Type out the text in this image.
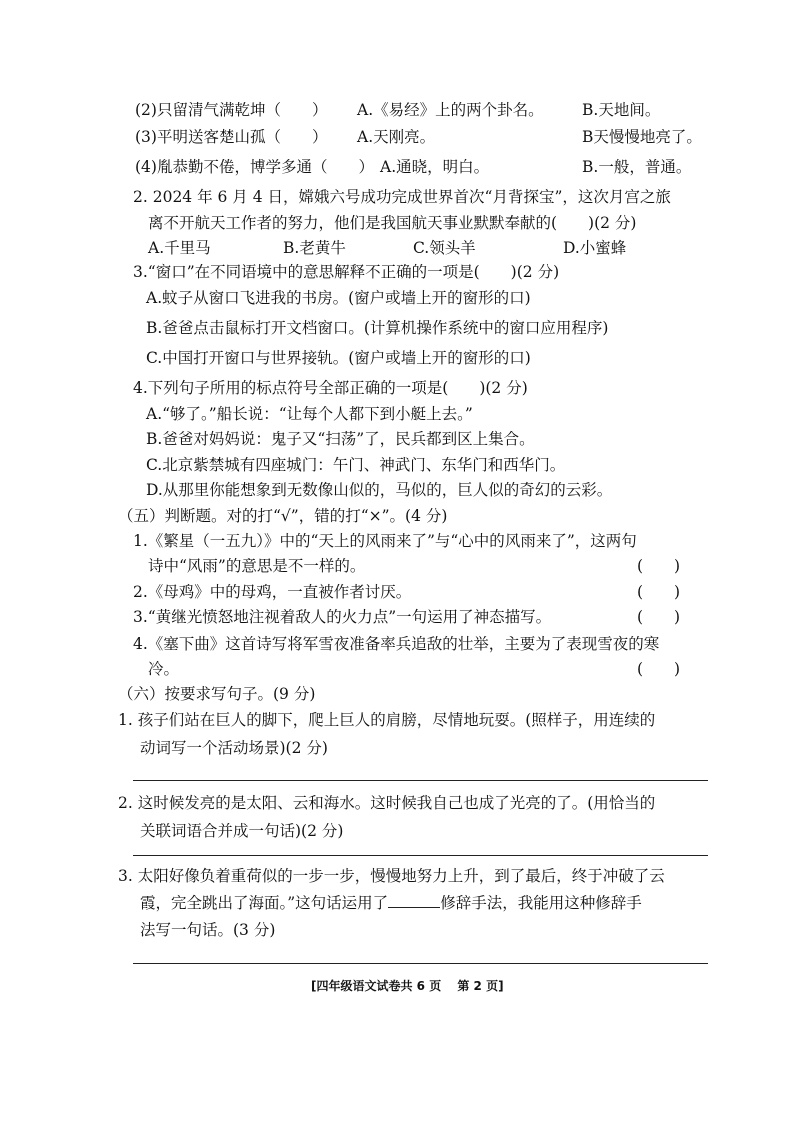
(2)只留清气满乾坤（　　） A.《易经》上的两个卦名。 B.天地间。
(3)平明送客楚山孤（　　） A.天刚亮。	B天慢慢地亮了。
(4)胤恭勤不倦，博学多通（　　） A.通晓，明白。	B.一般，普通。
2. 2024 年 6 月 4 日，嫦娥六号成功完成世界首次“月背探宝”，这次月宫之旅
离不开航天工作者的努力，他们是我国航天事业默默奉献的(　　)(2 分)
A.千里马	B.老黄牛	C.领头羊	D.小蜜蜂
3.“窗口”在不同语境中的意思解释不正确的一项是(　　)(2 分)
A.蚊子从窗口飞进我的书房。(窗户或墙上开的窗形的口)
B.爸爸点击鼠标打开文档窗口。(计算机操作系统中的窗口应用程序)
C.中国打开窗口与世界接轨。(窗户或墙上开的窗形的口)
4.下列句子所用的标点符号全部正确的一项是(　　)(2 分)
A.“够了。”船长说：“让每个人都下到小艇上去。”
B.爸爸对妈妈说：鬼子又“扫荡”了，民兵都到区上集合。
C.北京紫禁城有四座城门：午门、神武门、东华门和西华门。
D.从那里你能想象到无数像山似的，马似的，巨人似的奇幻的云彩。
（五）判断题。对的打“√”，错的打“×”。(4 分)
1.《繁星（一五九）》中的“天上的风雨来了”与“心中的风雨来了”，这两句
诗中“风雨”的意思是不一样的。	(　　)
2.《母鸡》中的母鸡，一直被作者讨厌。	(　　)
3.“黄继光愤怒地注视着敌人的火力点”一句运用了神态描写。	(　　)
4.《塞下曲》这首诗写将军雪夜准备率兵追敌的壮举，主要为了表现雪夜的寒
冷。	(　　)
（六）按要求写句子。(9 分)
1. 孩子们站在巨人的脚下，爬上巨人的肩膀，尽情地玩耍。(照样子，用连续的
动词写一个活动场景)(2 分)
2. 这时候发亮的是太阳、云和海水。这时候我自己也成了光亮的了。(用恰当的
关联词语合并成一句话)(2 分)
3. 太阳好像负着重荷似的一步一步，慢慢地努力上升，到了最后，终于冲破了云
霞，完全跳出了海面。”这句话运用了	修辞手法，我能用这种修辞手
法写一句话。(3 分)
[四年级语文试卷共 6 页　 第 2 页]
